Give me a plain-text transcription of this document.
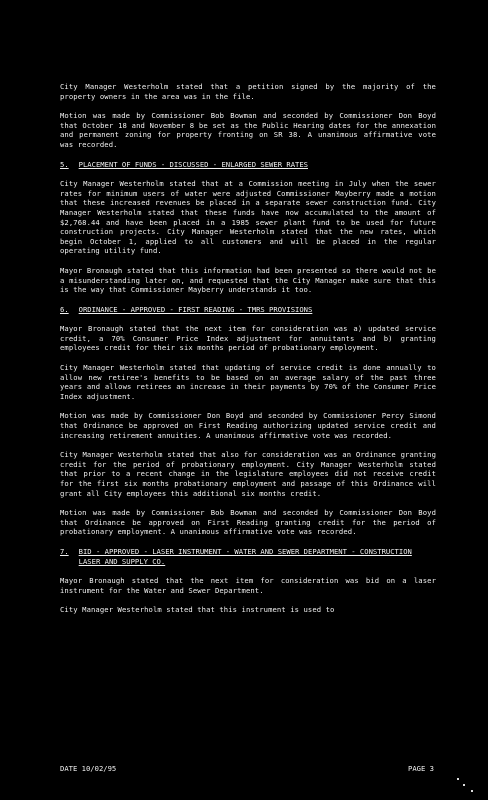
City Manager Westerholm stated that a petition signed by the majority of the property owners in the area was in the file.

Motion was made by Commissioner Bob Bowman and seconded by Commissioner Don Boyd that October 18 and November 8 be set as the Public Hearing dates for the annexation and permanent zoning for property fronting on SR 38. A unanimous affirmative vote was recorded.

5. PLACEMENT OF FUNDS - DISCUSSED - ENLARGED SEWER RATES

City Manager Westerholm stated that at a Commission meeting in July when the sewer rates for minimum users of water were adjusted Commissioner Mayberry made a motion that these increased revenues be placed in a separate sewer construction fund. City Manager Westerholm stated that these funds have now accumulated to the amount of $2,768.44 and have been placed in a 1985 sewer plant fund to be used for future construction projects. City Manager Westerholm stated that the new rates, which begin October 1, applied to all customers and will be placed in the regular operating utility fund.

Mayor Bronaugh stated that this information had been presented so there would not be a misunderstanding later on, and requested that the City Manager make sure that this is the way that Commissioner Mayberry understands it too.

6. ORDINANCE - APPROVED - FIRST READING - TMRS PROVISIONS

Mayor Bronaugh stated that the next item for consideration was a) updated service credit, a 70% Consumer Price Index adjustment for annuitants and b) granting employees credit for their six months period of probationary employment.

City Manager Westerholm stated that updating of service credit is done annually to allow new retiree's benefits to be based on an average salary of the past three years and allows retirees an increase in their payments by 70% of the Consumer Price Index adjustment.

Motion was made by Commissioner Don Boyd and seconded by Commissioner Percy Simond that Ordinance be approved on First Reading authorizing updated service credit and increasing retirement annuities. A unanimous affirmative vote was recorded.

City Manager Westerholm stated that also for consideration was an Ordinance granting credit for the period of probationary employment. City Manager Westerholm stated that prior to a recent change in the legislature employees did not receive credit for the first six months probationary employment and passage of this Ordinance will grant all City employees this additional six months credit.

Motion was made by Commissioner Bob Bowman and seconded by Commissioner Don Boyd that Ordinance be approved on First Reading granting credit for the period of probationary employment. A unanimous affirmative vote was recorded.

7. BID - APPROVED - LASER INSTRUMENT - WATER AND SEWER DEPARTMENT - CONSTRUCTION LASER AND SUPPLY CO.

Mayor Bronaugh stated that the next item for consideration was bid on a laser instrument for the Water and Sewer Department.

City Manager Westerholm stated that this instrument is used to

DATE 10/02/95	PAGE 3
